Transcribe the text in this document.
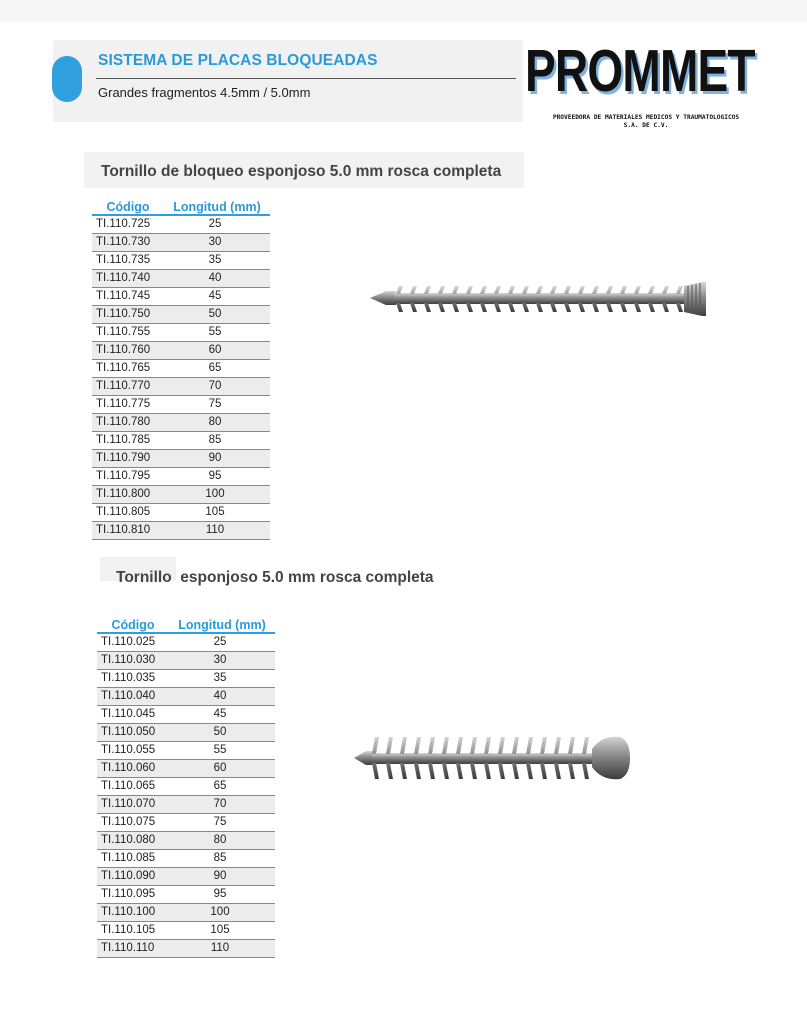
SISTEMA DE PLACAS BLOQUEADAS
Grandes fragmentos 4.5mm / 5.0mm	PROMMET
PROVEEDORA DE MATERIALES MEDICOS Y TRAUMATOLOGICOS
S.A. DE C.V.
Tornillo de bloqueo esponjoso 5.0 mm rosca completa
Código	Longitud (mm)
TI.110.725	25
TI.110.730	30
TI.110.735	35
TI.110.740	40
TI.110.745	45
TI.110.750	50
TI.110.755	55
TI.110.760	60
TI.110.765	65
TI.110.770	70
TI.110.775	75
TI.110.780	80
TI.110.785	85
TI.110.790	90
TI.110.795	95
TI.110.800	100
TI.110.805	105
TI.110.810	110
Tornillo  esponjoso 5.0 mm rosca completa
Código	Longitud (mm)
TI.110.025	25
TI.110.030	30
TI.110.035	35
TI.110.040	40
TI.110.045	45
TI.110.050	50
TI.110.055	55
TI.110.060	60
TI.110.065	65
TI.110.070	70
TI.110.075	75
TI.110.080	80
TI.110.085	85
TI.110.090	90
TI.110.095	95
TI.110.100	100
TI.110.105	105
TI.110.110	110
